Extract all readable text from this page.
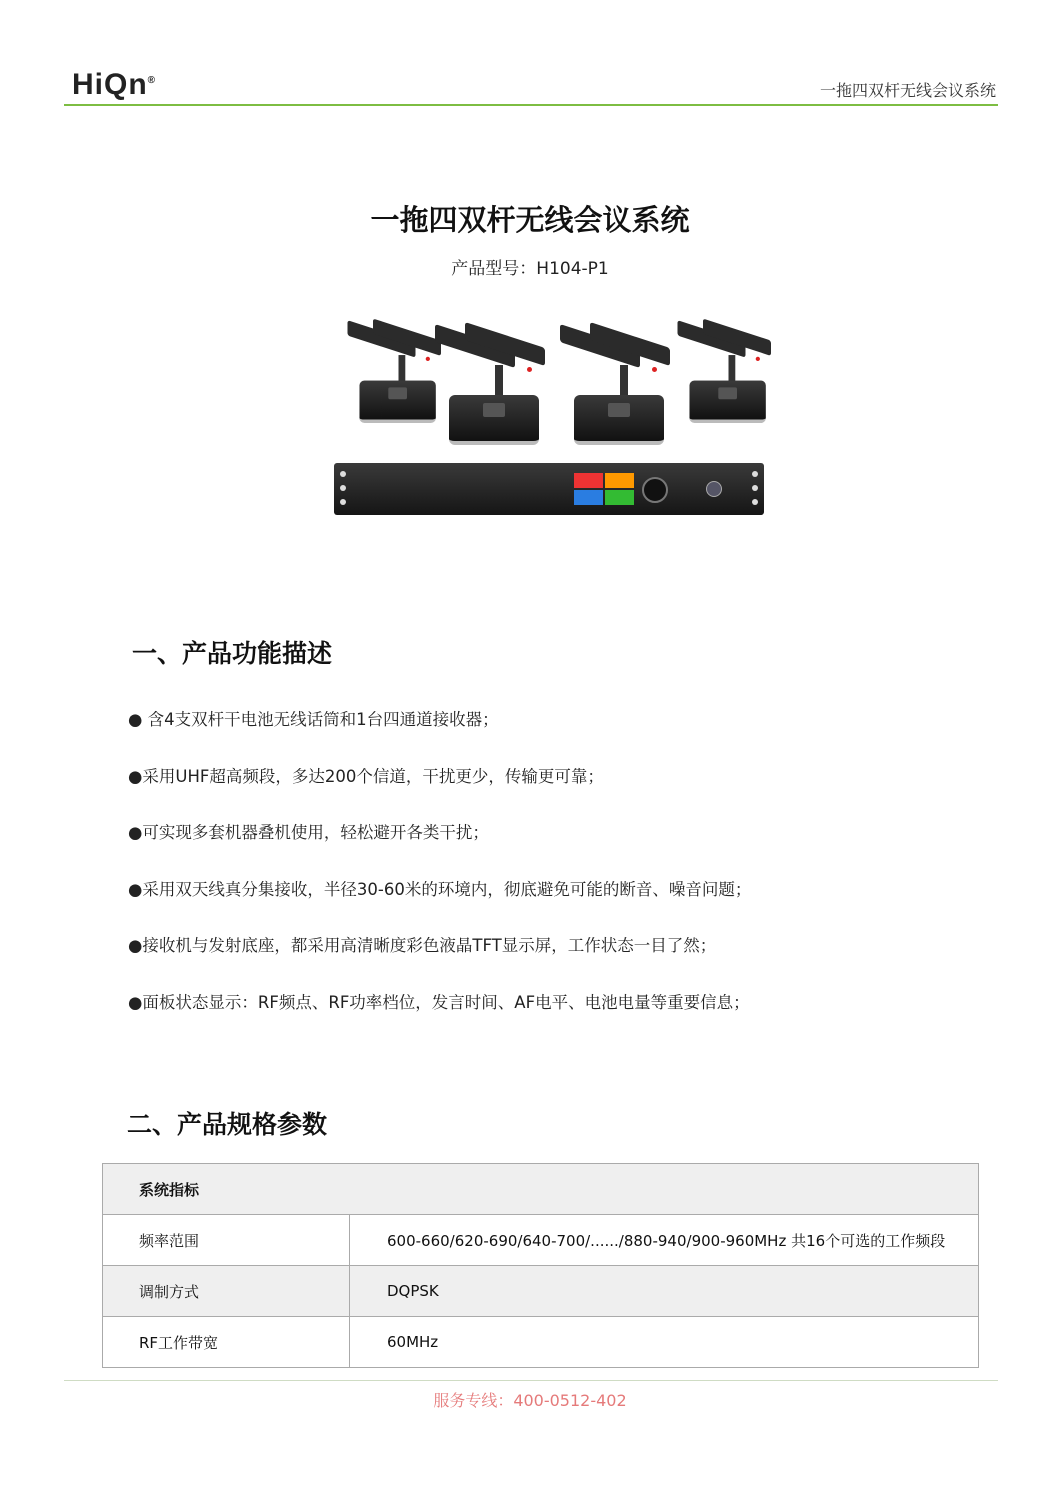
HiQn®
一拖四双杆无线会议系统
一拖四双杆无线会议系统
产品型号：H104-P1
一、产品功能描述
● 含4支双杆干电池无线话筒和1台四通道接收器；
●采用UHF超高频段，多达200个信道，干扰更少，传输更可靠；
●可实现多套机器叠机使用，轻松避开各类干扰；
●采用双天线真分集接收，半径30-60米的环境内，彻底避免可能的断音、噪音问题；
●接收机与发射底座，都采用高清晰度彩色液晶TFT显示屏，工作状态一目了然；
●面板状态显示：RF频点、RF功率档位，发言时间、AF电平、电池电量等重要信息；
二、产品规格参数
系统指标	
频率范围	600-660/620-690/640-700/....../880-940/900-960MHz 共16个可选的工作频段
调制方式	DQPSK
RF工作带宽	60MHz
服务专线：400-0512-402
